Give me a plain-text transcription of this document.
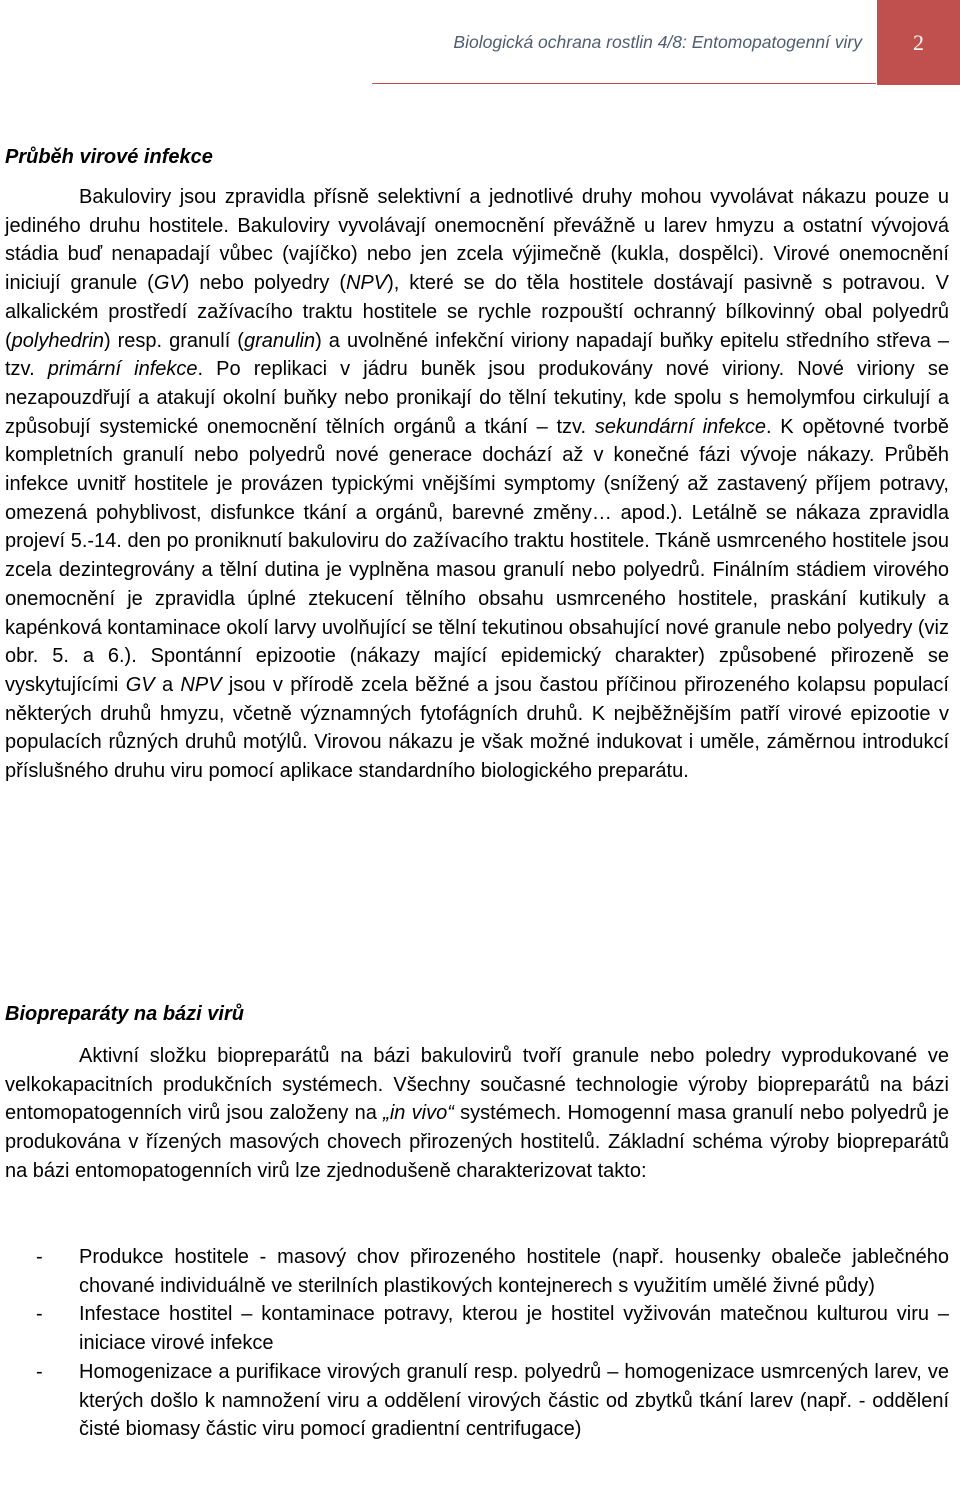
Biologická ochrana rostlin 4/8: Entomopatogenní viry 2
Průběh virové infekce

Bakuloviry jsou zpravidla přísně selektivní a jednotlivé druhy mohou vyvolávat nákazu pouze u jediného druhu hostitele. Bakuloviry vyvolávají onemocnění převážně u larev hmyzu a ostatní vývojová stádia buď nenapadají vůbec (vajíčko) nebo jen zcela výjimečně (kukla, dospělci). Virové onemocnění iniciují granule (GV) nebo polyedry (NPV), které se do těla hostitele dostávají pasivně s potravou. V alkalickém prostředí zažívacího traktu hostitele se rychle rozpouští ochranný bílkovinný obal polyedrů (polyhedrin) resp. granulí (granulin) a uvolněné infekční viriony napadají buňky epitelu středního střeva – tzv. primární infekce. Po replikaci v jádru buněk jsou produkovány nové viriony. Nové viriony se nezapouzdřují a atakují okolní buňky nebo pronikají do tělní tekutiny, kde spolu s hemolymfou cirkulují a způsobují systemické onemocnění tělních orgánů a tkání – tzv. sekundární infekce. K opětovné tvorbě kompletních granulí nebo polyedrů nové generace dochází až v konečné fázi vývoje nákazy. Průběh infekce uvnitř hostitele je provázen typickými vnějšími symptomy (snížený až zastavený příjem potravy, omezená pohyblivost, disfunkce tkání a orgánů, barevné změny… apod.). Letálně se nákaza zpravidla projeví 5.-14. den po proniknutí bakuloviru do zažívacího traktu hostitele. Tkáně usmrceného hostitele jsou zcela dezintegrovány a tělní dutina je vyplněna masou granulí nebo polyedrů. Finálním stádiem virového onemocnění je zpravidla úplné ztekucení tělního obsahu usmrceného hostitele, praskání kutikuly a kapénková kontaminace okolí larvy uvolňující se tělní tekutinou obsahující nové granule nebo polyedry (viz obr. 5. a 6.). Spontánní epizootie (nákazy mající epidemický charakter) způsobené přirozeně se vyskytujícími GV a NPV jsou v přírodě zcela běžné a jsou častou příčinou přirozeného kolapsu populací některých druhů hmyzu, včetně významných fytofágních druhů. K nejběžnějším patří virové epizootie v populacích různých druhů motýlů. Virovou nákazu je však možné indukovat i uměle, záměrnou introdukcí příslušného druhu viru pomocí aplikace standardního biologického preparátu.

Biopreparáty na bázi virů

Aktivní složku biopreparátů na bázi bakulovirů tvoří granule nebo poledry vyprodukované ve velkokapacitních produkčních systémech. Všechny současné technologie výroby biopreparátů na bázi entomopatogenních virů jsou založeny na „in vivo“ systémech. Homogenní masa granulí nebo polyedrů je produkována v řízených masových chovech přirozených hostitelů. Základní schéma výroby biopreparátů na bázi entomopatogenních virů lze zjednodušeně charakterizovat takto:

- Produkce hostitele - masový chov přirozeného hostitele (např. housenky obaleče jablečného chované individuálně ve sterilních plastikových kontejnerech s využitím umělé živné půdy)
- Infestace hostitel – kontaminace potravy, kterou je hostitel vyživován matečnou kulturou viru – iniciace virové infekce
- Homogenizace a purifikace virových granulí resp. polyedrů – homogenizace usmrcených larev, ve kterých došlo k namnožení viru a oddělení virových částic od zbytků tkání larev (např. - oddělení čisté biomasy částic viru pomocí gradientní centrifugace)
